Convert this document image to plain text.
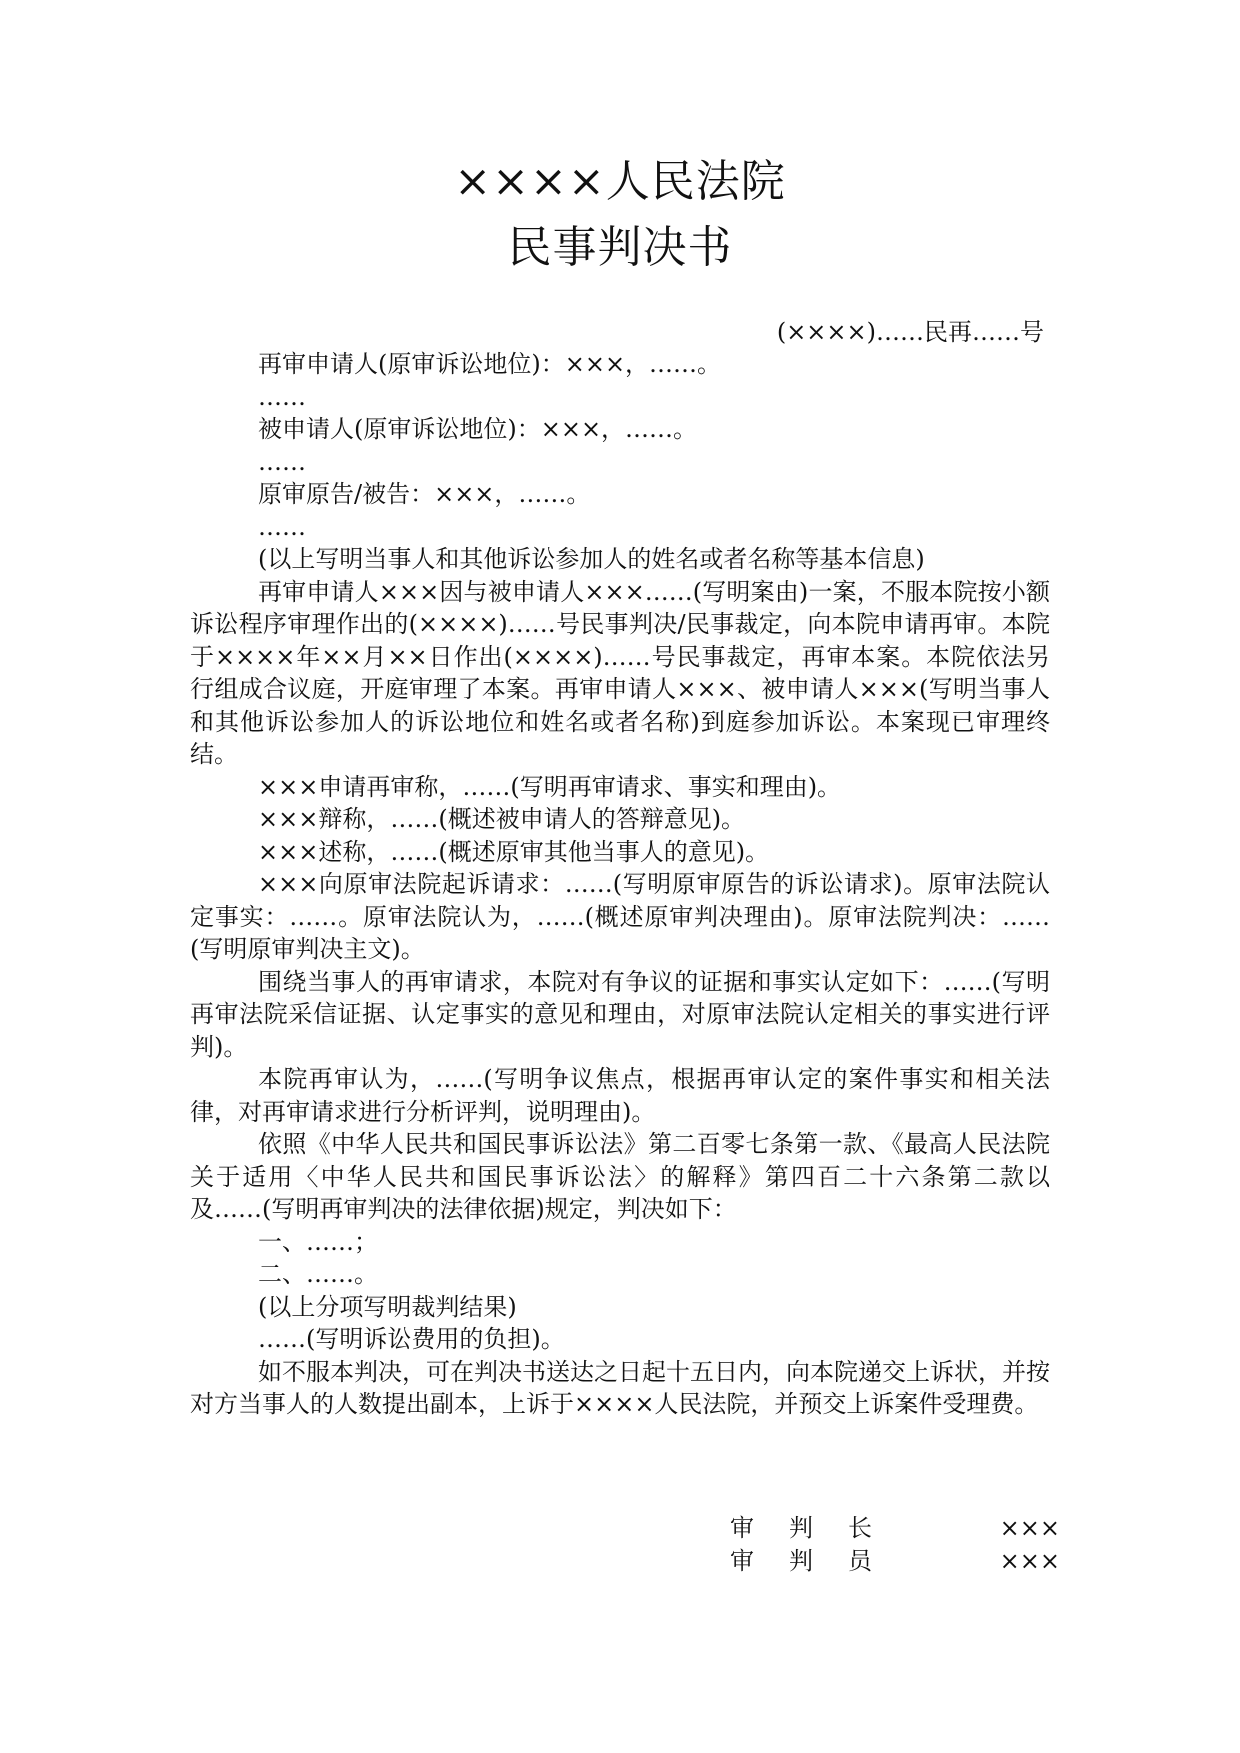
××××人民法院
民事判决书
(××××)……民再……号

再审申请人(原审诉讼地位)：×××，……。

……

被申请人(原审诉讼地位)：×××，……。

……

原审原告/被告：×××，……。

……

(以上写明当事人和其他诉讼参加人的姓名或者名称等基本信息)

再审申请人×××因与被申请人×××……(写明案由)一案，不服本院按小额诉讼程序审理作出的(××××)……号民事判决/民事裁定，向本院申请再审。本院于××××年××月××日作出(××××)……号民事裁定，再审本案。本院依法另行组成合议庭，开庭审理了本案。再审申请人×××、被申请人×××(写明当事人和其他诉讼参加人的诉讼地位和姓名或者名称)到庭参加诉讼。本案现已审理终结。

×××申请再审称，……(写明再审请求、事实和理由)。

×××辩称，……(概述被申请人的答辩意见)。

×××述称，……(概述原审其他当事人的意见)。

×××向原审法院起诉请求：……(写明原审原告的诉讼请求)。原审法院认定事实：……。原审法院认为，……(概述原审判决理由)。原审法院判决：……(写明原审判决主文)。

围绕当事人的再审请求，本院对有争议的证据和事实认定如下：……(写明再审法院采信证据、认定事实的意见和理由，对原审法院认定相关的事实进行评判)。

本院再审认为，……(写明争议焦点，根据再审认定的案件事实和相关法律，对再审请求进行分析评判，说明理由)。

依照《中华人民共和国民事诉讼法》第二百零七条第一款、《最高人民法院关于适用〈中华人民共和国民事诉讼法〉的解释》第四百二十六条第二款以及……(写明再审判决的法律依据)规定，判决如下：

一、……；

二、……。

(以上分项写明裁判结果)

……(写明诉讼费用的负担)。

如不服本判决，可在判决书送达之日起十五日内，向本院递交上诉状，并按对方当事人的人数提出副本，上诉于××××人民法院，并预交上诉案件受理费。

审判长	×××
审判员	×××
